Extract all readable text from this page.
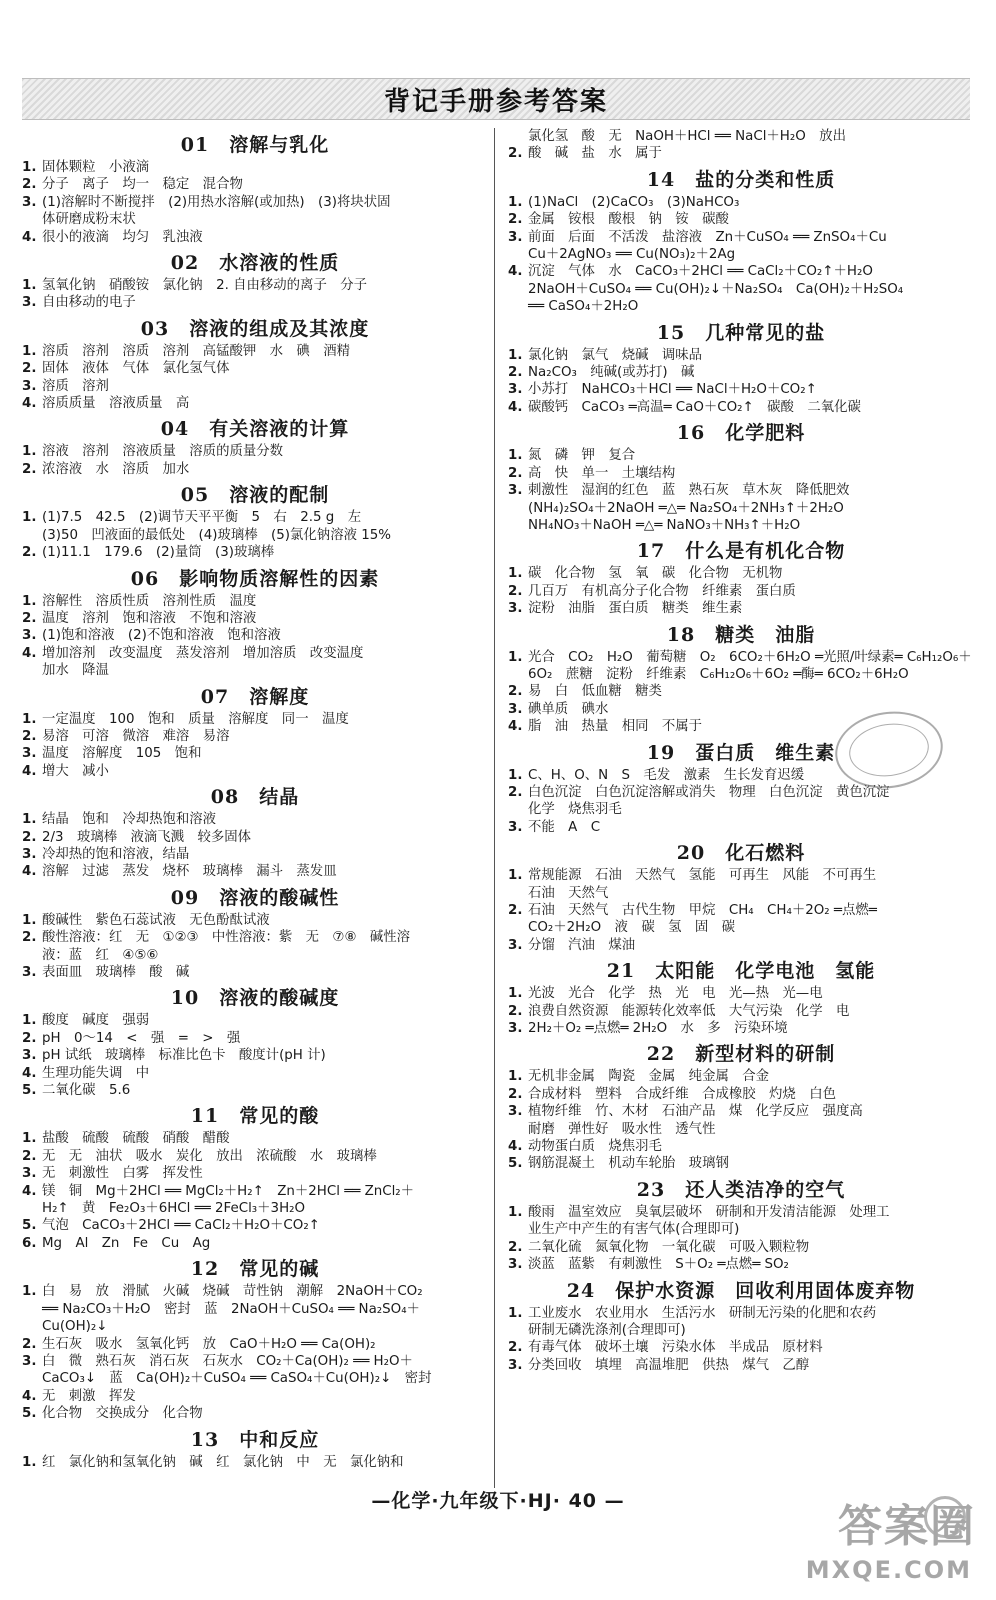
背记手册参考答案
01　溶解与乳化
1. 固体颗粒　小液滴
2. 分子　离子　均一　稳定　混合物
3. (1)溶解时不断搅拌　(2)用热水溶解(或加热)　(3)将块状固
体研磨成粉末状
4. 很小的液滴　均匀　乳浊液
02　水溶液的性质
1. 氢氧化钠　硝酸铵　氯化钠　2. 自由移动的离子　分子
3. 自由移动的电子
03　溶液的组成及其浓度
1. 溶质　溶剂　溶质　溶剂　高锰酸钾　水　碘　酒精
2. 固体　液体　气体　氯化氢气体
3. 溶质　溶剂
4. 溶质质量　溶液质量　高
04　有关溶液的计算
1. 溶液　溶剂　溶液质量　溶质的质量分数
2. 浓溶液　水　溶质　加水
05　溶液的配制
1. (1)7.5　42.5　(2)调节天平平衡　5　右　2.5 g　左
(3)50　凹液面的最低处　(4)玻璃棒　(5)氯化钠溶液 15%
2. (1)11.1　179.6　(2)量筒　(3)玻璃棒
06　影响物质溶解性的因素
1. 溶解性　溶质性质　溶剂性质　温度
2. 温度　溶剂　饱和溶液　不饱和溶液
3. (1)饱和溶液　(2)不饱和溶液　饱和溶液
4. 增加溶剂　改变温度　蒸发溶剂　增加溶质　改变温度
加水　降温
07　溶解度
1. 一定温度　100　饱和　质量　溶解度　同一　温度
2. 易溶　可溶　微溶　难溶　易溶
3. 温度　溶解度　105　饱和
4. 增大　减小
08　结晶
1. 结晶　饱和　冷却热饱和溶液
2. 2/3　玻璃棒　液滴飞溅　较多固体
3. 冷却热的饱和溶液，结晶
4. 溶解　过滤　蒸发　烧杯　玻璃棒　漏斗　蒸发皿
09　溶液的酸碱性
1. 酸碱性　紫色石蕊试液　无色酚酞试液
2. 酸性溶液：红　无　①②③　中性溶液：紫　无　⑦⑧　碱性溶
液：蓝　红　④⑤⑥
3. 表面皿　玻璃棒　酸　碱
10　溶液的酸碱度
1. 酸度　碱度　强弱
2. pH　0～14　<　强　=　>　强
3. pH 试纸　玻璃棒　标准比色卡　酸度计(pH 计)
4. 生理功能失调　中
5. 二氧化碳　5.6
11　常见的酸
1. 盐酸　硫酸　硫酸　硝酸　醋酸
2. 无　无　油状　吸水　炭化　放出　浓硫酸　水　玻璃棒
3. 无　刺激性　白雾　挥发性
4. 镁　铜　Mg＋2HCl ══ MgCl₂＋H₂↑　Zn＋2HCl ══ ZnCl₂＋
H₂↑　黄　Fe₂O₃＋6HCl ══ 2FeCl₃＋3H₂O
5. 气泡　CaCO₃＋2HCl ══ CaCl₂＋H₂O＋CO₂↑
6. Mg　Al　Zn　Fe　Cu　Ag
12　常见的碱
1. 白　易　放　滑腻　火碱　烧碱　苛性钠　潮解　2NaOH＋CO₂
══ Na₂CO₃＋H₂O　密封　蓝　2NaOH＋CuSO₄ ══ Na₂SO₄＋
Cu(OH)₂↓
2. 生石灰　吸水　氢氧化钙　放　CaO＋H₂O ══ Ca(OH)₂
3. 白　微　熟石灰　消石灰　石灰水　CO₂＋Ca(OH)₂ ══ H₂O＋
CaCO₃↓　蓝　Ca(OH)₂＋CuSO₄ ══ CaSO₄＋Cu(OH)₂↓　密封
4. 无　刺激　挥发
5. 化合物　交换成分　化合物
13　中和反应
1. 红　氯化钠和氢氧化钠　碱　红　氯化钠　中　无　氯化钠和
氯化氢　酸　无　NaOH＋HCl ══ NaCl＋H₂O　放出
2. 酸　碱　盐　水　属于
14　盐的分类和性质
1. (1)NaCl　(2)CaCO₃　(3)NaHCO₃
2. 金属　铵根　酸根　钠　铵　碳酸
3. 前面　后面　不活泼　盐溶液　Zn＋CuSO₄ ══ ZnSO₄＋Cu
Cu＋2AgNO₃ ══ Cu(NO₃)₂＋2Ag
4. 沉淀　气体　水　CaCO₃＋2HCl ══ CaCl₂＋CO₂↑＋H₂O
2NaOH＋CuSO₄ ══ Cu(OH)₂↓＋Na₂SO₄　Ca(OH)₂＋H₂SO₄
══ CaSO₄＋2H₂O
15　几种常见的盐
1. 氯化钠　氯气　烧碱　调味品
2. Na₂CO₃　纯碱(或苏打)　碱
3. 小苏打　NaHCO₃＋HCl ══ NaCl＋H₂O＋CO₂↑
4. 碳酸钙　CaCO₃ ═高温═ CaO＋CO₂↑　碳酸　二氧化碳
16　化学肥料
1. 氮　磷　钾　复合
2. 高　快　单一　土壤结构
3. 刺激性　湿润的红色　蓝　熟石灰　草木灰　降低肥效
(NH₄)₂SO₄＋2NaOH ═△═ Na₂SO₄＋2NH₃↑＋2H₂O
NH₄NO₃＋NaOH ═△═ NaNO₃＋NH₃↑＋H₂O
17　什么是有机化合物
1. 碳　化合物　氢　氧　碳　化合物　无机物
2. 几百万　有机高分子化合物　纤维素　蛋白质
3. 淀粉　油脂　蛋白质　糖类　维生素
18　糖类　油脂
1. 光合　CO₂　H₂O　葡萄糖　O₂　6CO₂＋6H₂O ═光照/叶绿素═ C₆H₁₂O₆＋
6O₂　蔗糖　淀粉　纤维素　C₆H₁₂O₆＋6O₂ ═酶═ 6CO₂＋6H₂O
2. 易　白　低血糖　糖类
3. 碘单质　碘水
4. 脂　油　热量　相同　不属于
19　蛋白质　维生素
1. C、H、O、N　S　毛发　激素　生长发育迟缓
2. 白色沉淀　白色沉淀溶解或消失　物理　白色沉淀　黄色沉淀
化学　烧焦羽毛
3. 不能　A　C
20　化石燃料
1. 常规能源　石油　天然气　氢能　可再生　风能　不可再生
石油　天然气
2. 石油　天然气　古代生物　甲烷　CH₄　CH₄＋2O₂ ═点燃═
CO₂＋2H₂O　液　碳　氢　固　碳
3. 分馏　汽油　煤油
21　太阳能　化学电池　氢能
1. 光波　光合　化学　热　光　电　光—热　光—电
2. 浪费自然资源　能源转化效率低　大气污染　化学　电
3. 2H₂＋O₂ ═点燃═ 2H₂O　水　多　污染环境
22　新型材料的研制
1. 无机非金属　陶瓷　金属　纯金属　合金
2. 合成材料　塑料　合成纤维　合成橡胶　灼烧　白色
3. 植物纤维　竹、木材　石油产品　煤　化学反应　强度高
耐磨　弹性好　吸水性　透气性
4. 动物蛋白质　烧焦羽毛
5. 钢筋混凝土　机动车轮胎　玻璃钢
23　还人类洁净的空气
1. 酸雨　温室效应　臭氧层破坏　研制和开发清洁能源　处理工
业生产中产生的有害气体(合理即可)
2. 二氧化硫　氮氧化物　一氧化碳　可吸入颗粒物
3. 淡蓝　蓝紫　有刺激性　S＋O₂ ═点燃═ SO₂
24　保护水资源　回收利用固体废弃物
1. 工业废水　农业用水　生活污水　研制无污染的化肥和农药
研制无磷洗涤剂(合理即可)
2. 有毒气体　破坏土壤　污染水体　半成品　原材料
3. 分类回收　填埋　高温堆肥　供热　煤气　乙醇
—化学·九年级下·HJ· 40 —	答案圈
MXQE.COM
